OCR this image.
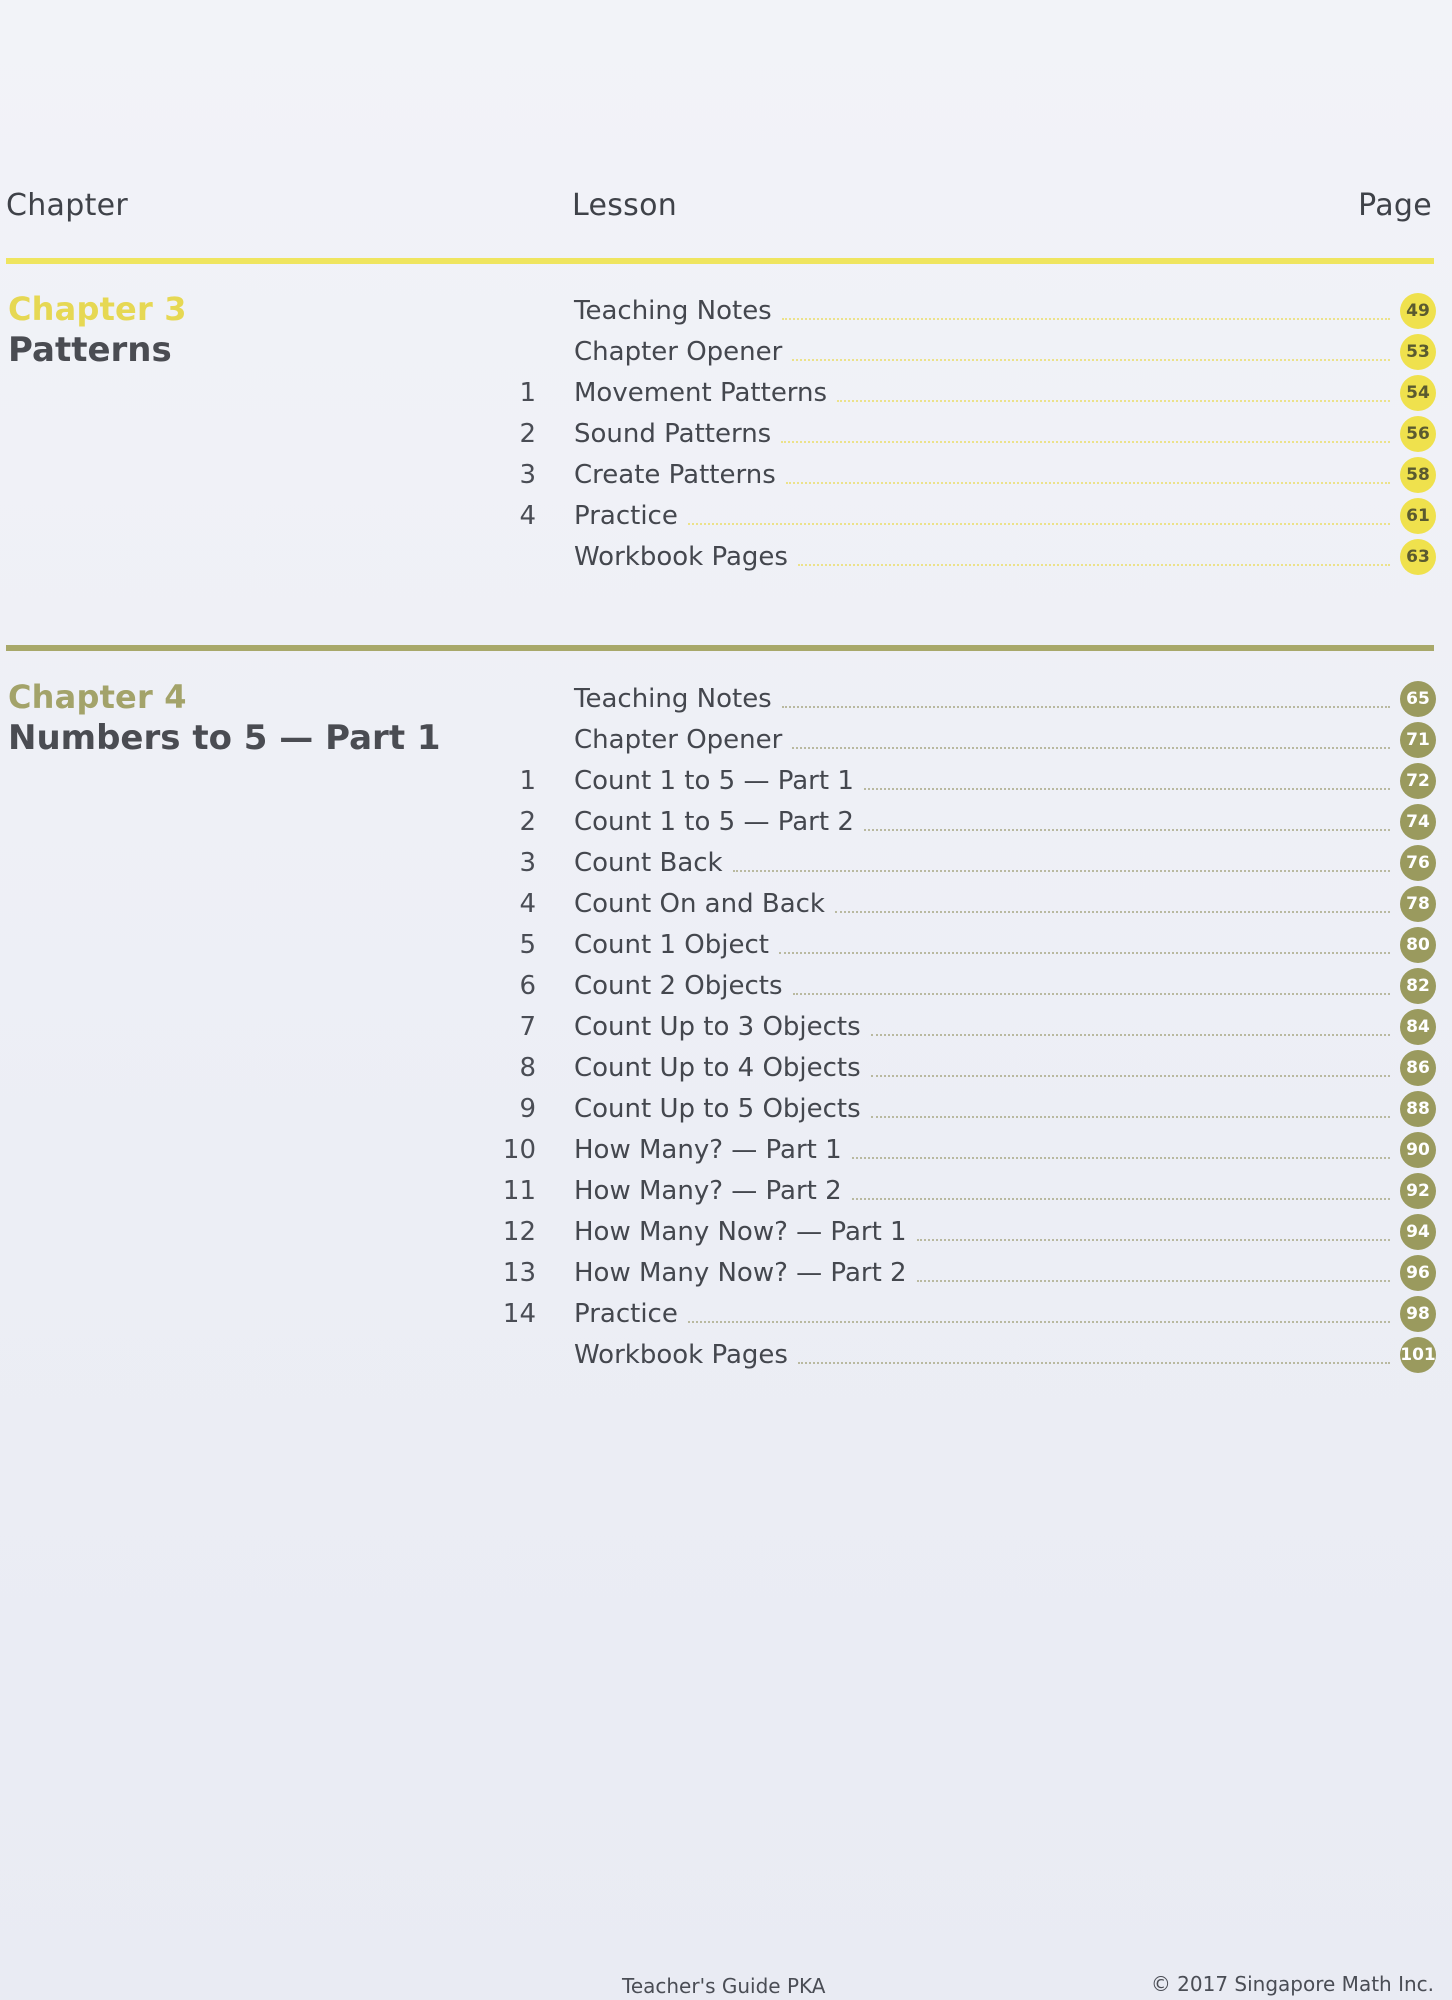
Chapter	Lesson	Page
Chapter 3
Patterns
Teaching Notes	49
Chapter Opener	53
1 Movement Patterns	54
2 Sound Patterns	56
3 Create Patterns	58
4 Practice	61
Workbook Pages	63
Chapter 4
Numbers to 5 — Part 1
Teaching Notes	65
Chapter Opener	71
1 Count 1 to 5 — Part 1	72
2 Count 1 to 5 — Part 2	74
3 Count Back	76
4 Count On and Back	78
5 Count 1 Object	80
6 Count 2 Objects	82
7 Count Up to 3 Objects	84
8 Count Up to 4 Objects	86
9 Count Up to 5 Objects	88
10 How Many? — Part 1	90
11 How Many? — Part 2	92
12 How Many Now? — Part 1	94
13 How Many Now? — Part 2	96
14 Practice	98
Workbook Pages	101
Teacher's Guide PKA	© 2017 Singapore Math Inc.
